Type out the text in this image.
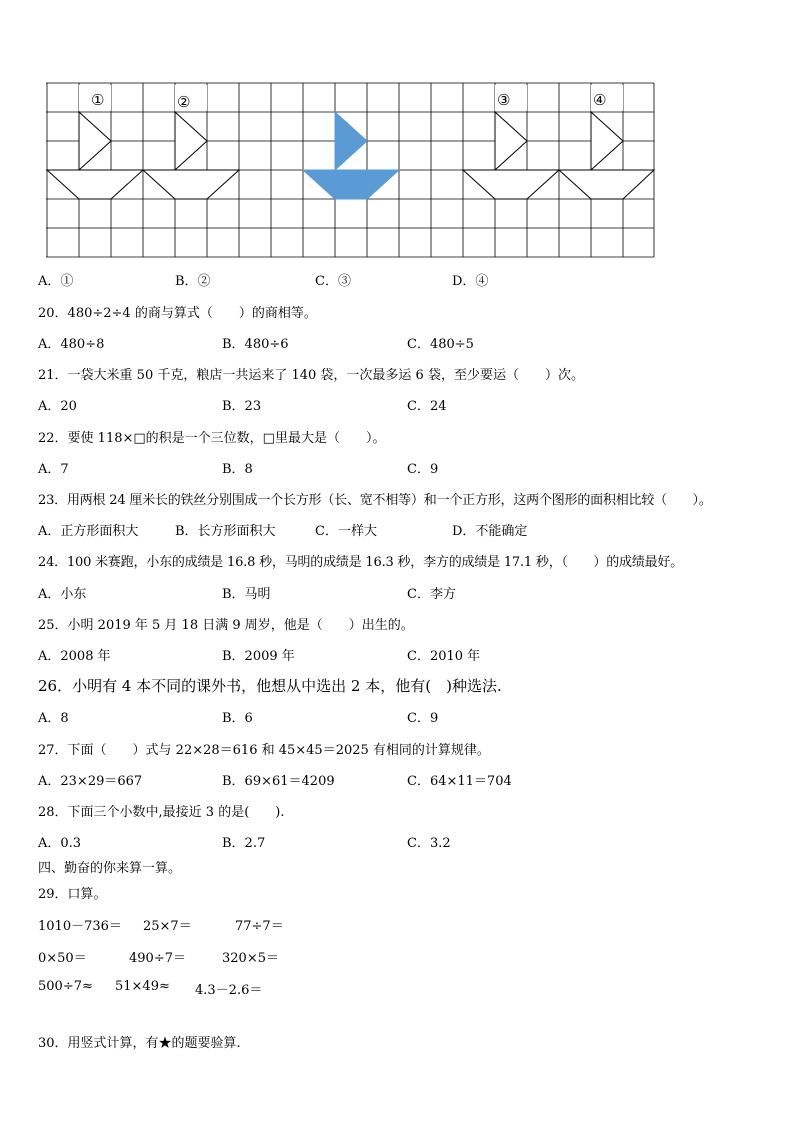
①	②	③	④
A．①	B．②	C．③	D．④
20．480÷2÷4 的商与算式（　　）的商相等。
A．480÷8	B．480÷6	C．480÷5
21．一袋大米重 50 千克，粮店一共运来了 140 袋，一次最多运 6 袋，至少要运（　　）次。
A．20	B．23	C．24
22．要使 118×□的积是一个三位数，□里最大是（　　）。
A．7	B．8	C．9
23．用两根 24 厘米长的铁丝分别围成一个长方形（长、宽不相等）和一个正方形，这两个图形的面积相比较（　　）。
A．正方形面积大	B．长方形面积大	C．一样大	D．不能确定
24．100 米赛跑，小东的成绩是 16.8 秒，马明的成绩是 16.3 秒，李方的成绩是 17.1 秒，（　　）的成绩最好。
A．小东	B．马明	C．李方
25．小明 2019 年 5 月 18 日满 9 周岁，他是（　　）出生的。
A．2008 年	B．2009 年	C．2010 年
26．小明有 4 本不同的课外书，他想从中选出 2 本，他有(　)种选法.
A．8	B．6	C．9
27．下面（　　）式与 22×28＝616 和 45×45＝2025 有相同的计算规律。
A．23×29＝667	B．69×61＝4209	C．64×11＝704
28．下面三个小数中,最接近 3 的是(　　).
A．0.3	B．2.7	C．3.2
四、勤奋的你来算一算。
29．口算。
1010－736＝ 25×7＝	77÷7＝
0×50＝	490÷7＝	320×5＝
500÷7≈ 51×49≈ 4.3－2.6＝
30．用竖式计算，有★的题要验算.
